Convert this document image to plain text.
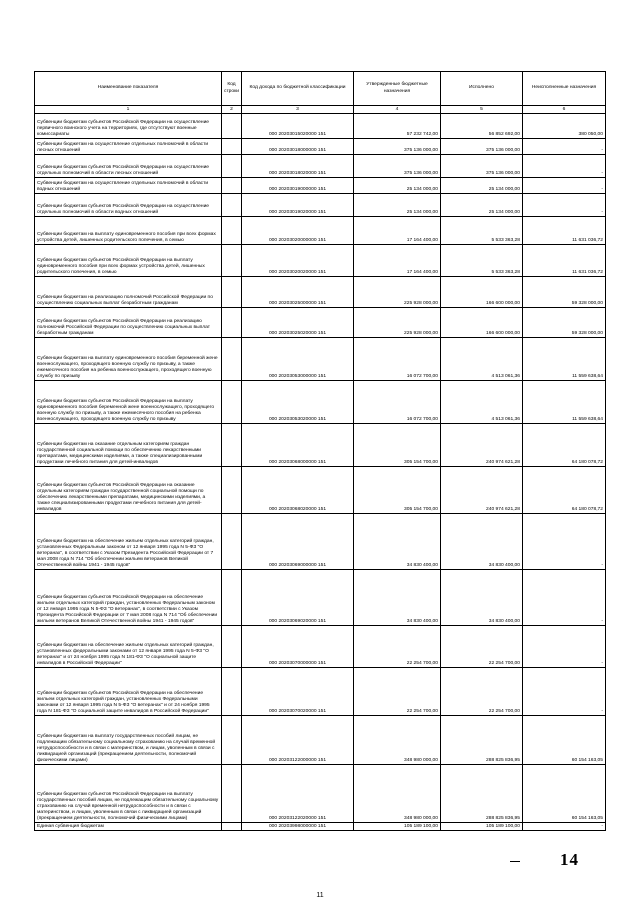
Наименование показателя	Код строки	Код дохода по бюджетной классификации	Утвержденные бюджетные назначения	Исполнено	Неисполненные назначения
1	2	3	4	5	6
Субвенции бюджетам субъектов Российской Федерации на осуществление первичного воинского учета на территориях, где отсутствуют военные комиссариаты		000 20203015020000 151	57 232 742,00	56 852 692,00	380 050,00
Субвенции бюджетам на осуществление отдельных полномочий в области лесных отношений		000 20203018000000 151	375 136 000,00	375 136 000,00	-
Субвенции бюджетам субъектов Российской Федерации на осуществление отдельных полномочий в области лесных отношений		000 20203018020000 151	375 136 000,00	375 136 000,00	-
Субвенции бюджетам на осуществление отдельных полномочий в области водных отношений		000 20203019000000 151	25 134 000,00	25 134 000,00	-
Субвенции бюджетам субъектов Российской Федерации на осуществление отдельных полномочий в области водных отношений		000 20203019020000 151	25 134 000,00	25 134 000,00	-
Субвенции бюджетам на выплату единовременного пособия при всех формах устройства детей, лишенных родительского попечения, в семью		000 20203020000000 151	17 164 400,00	5 533 363,28	11 631 036,72
Субвенции бюджетам субъектов Российской Федерации на выплату единовременного пособия при всех формах устройства детей, лишенных родительского попечения, в семью		000 20203020020000 151	17 164 400,00	5 533 363,28	11 631 036,72
Субвенции бюджетам на реализацию полномочий Российской Федерации по осуществлению социальных выплат безработным гражданам		000 20203025000000 151	225 928 000,00	166 600 000,00	59 328 000,00
Субвенции бюджетам субъектов Российской Федерации на реализацию полномочий Российской Федерации по осуществлению социальных выплат безработным гражданам		000 20203025020000 151	225 928 000,00	166 600 000,00	59 328 000,00
Субвенции бюджетам на выплату единовременного пособия беременной жене военнослужащего, проходящего военную службу по призыву, а также ежемесячного пособия на ребенка военнослужащего, проходящего военную службу по призыву		000 20203053000000 151	16 072 700,00	4 513 061,36	11 559 638,64
Субвенции бюджетам субъектов Российской Федерации на выплату единовременного пособия беременной жене военнослужащего, проходящего военную службу по призыву, а также ежемесячного пособия на ребенка военнослужащего, проходящего военную службу по призыву		000 20203053020000 151	16 072 700,00	4 513 061,36	11 559 638,64
Субвенции бюджетам на оказание отдельным категориям граждан государственной социальной помощи по обеспечению лекарственными препаратами, медицинскими изделиями, а также специализированными продуктами лечебного питания для детей-инвалидов		000 20203068000000 151	305 154 700,00	240 974 621,28	64 180 078,72
Субвенции бюджетам субъектов Российской Федерации на оказание отдельным категориям граждан государственной социальной помощи по обеспечению лекарственными препаратами, медицинскими изделиями, а также специализированными продуктами лечебного питания для детей-инвалидов		000 20203068020000 151	305 154 700,00	240 974 621,28	64 180 078,72
Субвенции бюджетам на обеспечение жильем отдельных категорий граждан, установленных Федеральным законом от 12 января 1995 года N 5-ФЗ "О ветеранах", в соответствии с Указом Президента Российской Федерации от 7 мая 2008 года N 714 "Об обеспечении жильем ветеранов Великой Отечественной войны 1941 - 1945 годов"		000 20203069000000 151	34 830 400,00	34 830 400,00	-
Субвенции бюджетам субъектов Российской Федерации на обеспечение жильем отдельных категорий граждан, установленных Федеральным законом от 12 января 1995 года N 5-ФЗ "О ветеранах", в соответствии с Указом Президента Российской Федерации от 7 мая 2008 года N 714 "Об обеспечении жильем ветеранов Великой Отечественной войны 1941 - 1945 годов"		000 20203069020000 151	34 830 400,00	34 830 400,00	-
Субвенции бюджетам на обеспечение жильем отдельных категорий граждан, установленных федеральными законами от 12 января 1995 года N 5-ФЗ "О ветеранах" и от 24 ноября 1995 года N 181-ФЗ "О социальной защите инвалидов в Российской Федерации"		000 20203070000000 151	22 254 700,00	22 254 700,00	-
Субвенции бюджетам субъектов Российской Федерации на обеспечение жильем отдельных категорий граждан, установленных Федеральными законами от 12 января 1995 года N 5-ФЗ "О ветеранах" и от 24 ноября 1995 года N 181-ФЗ "О социальной защите инвалидов в Российской Федерации"		000 20203070020000 151	22 254 700,00	22 254 700,00	-
Субвенции бюджетам на выплату государственных пособий лицам, не подлежащим обязательному социальному страхованию на случай временной нетрудоспособности и в связи с материнством, и лицам, уволенным в связи с ликвидацией организаций (прекращением деятельности, полномочий физическими лицами)		000 20203122000000 151	348 980 000,00	288 825 836,95	60 154 163,05
Субвенции бюджетам субъектов Российской Федерации на выплату государственных пособий лицам, не подлежащим обязательному социальному страхованию на случай временной нетрудоспособности и в связи с материнством, и лицам, уволенным в связи с ликвидацией организаций (прекращением деятельности, полномочий физическими лицами)		000 20203122020000 151	348 980 000,00	288 825 836,95	60 154 163,05
Единая субвенция бюджетам		000 20203998000000 151	105 189 100,00	105 189 100,00	-
14
11
